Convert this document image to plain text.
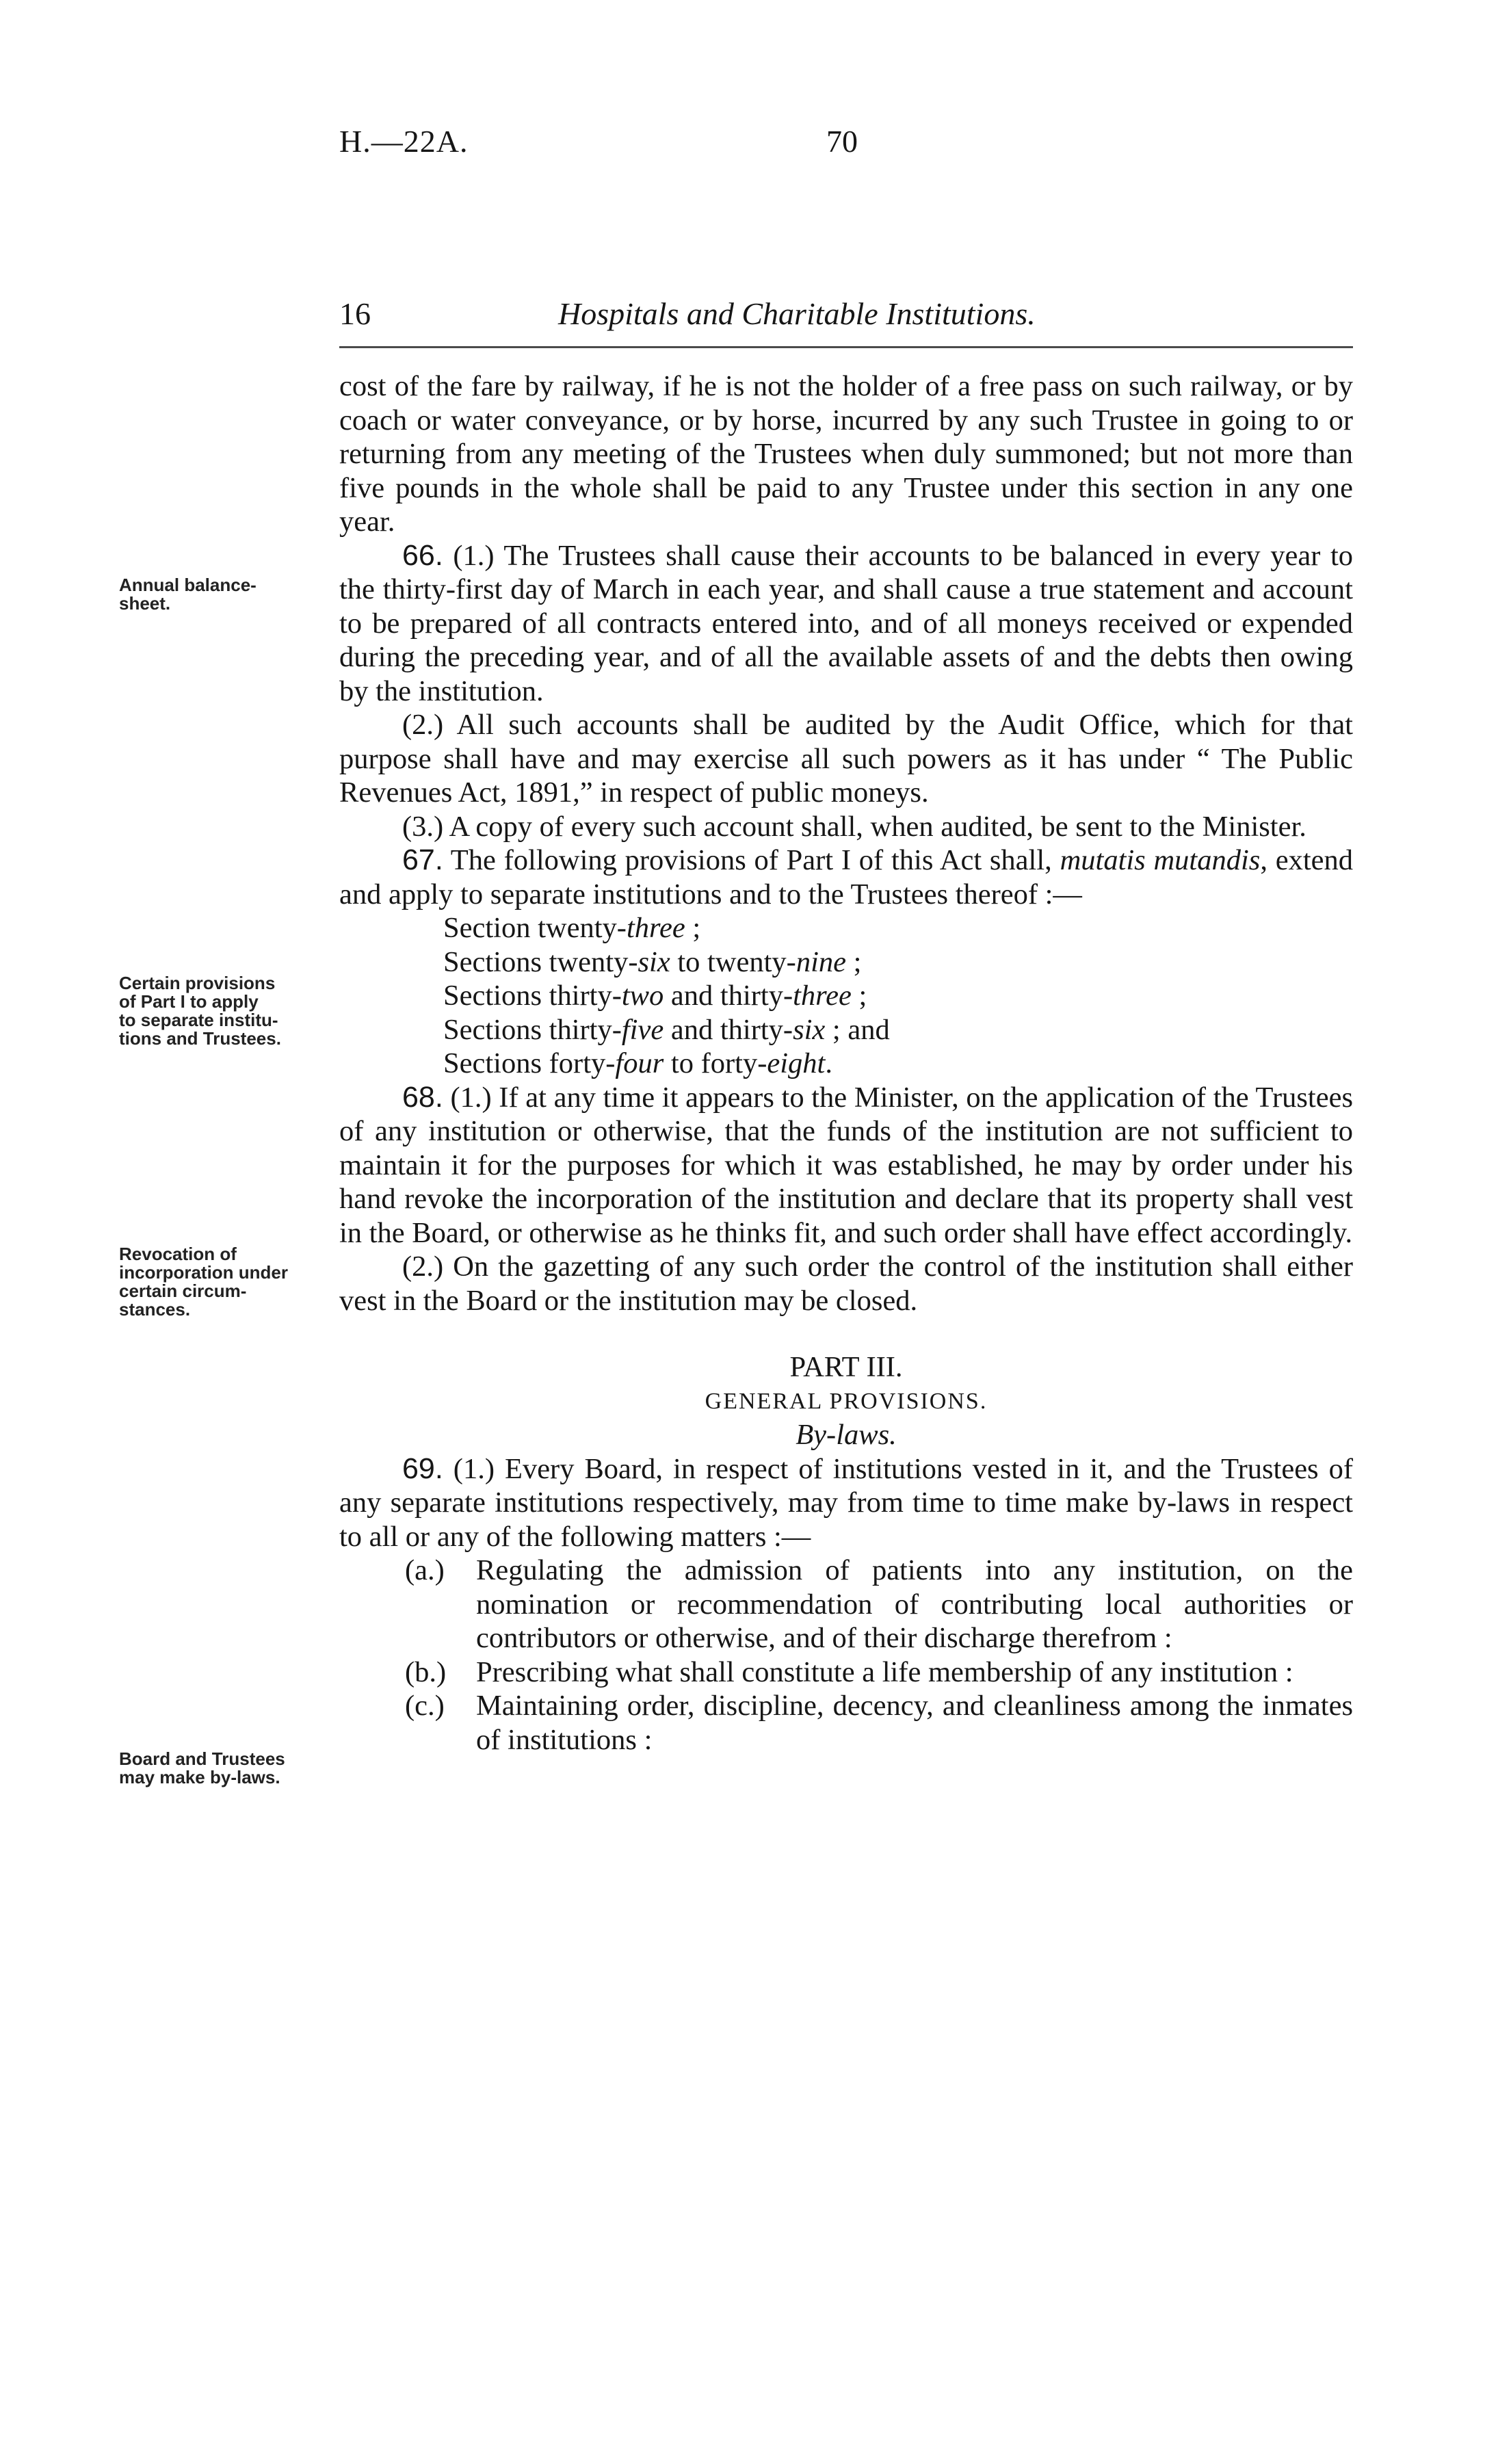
H.—22A.	70
16	Hospitals and Charitable Institutions.
Annual balance-
sheet.
Certain provisions
of Part I to apply
to separate institu-
tions and Trustees.
Revocation of
incorporation under
certain circum-
stances.
Board and Trustees
may make by-laws.

cost of the fare by railway, if he is not the holder of a free pass on such railway, or by coach or water conveyance, or by horse, incurred by any such Trustee in going to or returning from any meeting of the Trustees when duly summoned; but not more than five pounds in the whole shall be paid to any Trustee under this section in any one year.

66. (1.) The Trustees shall cause their accounts to be balanced in every year to the thirty-first day of March in each year, and shall cause a true statement and account to be prepared of all contracts entered into, and of all moneys received or expended during the preceding year, and of all the available assets of and the debts then owing by the institution.

(2.) All such accounts shall be audited by the Audit Office, which for that purpose shall have and may exercise all such powers as it has under “ The Public Revenues Act, 1891,” in respect of public moneys.

(3.) A copy of every such account shall, when audited, be sent to the Minister.

67. The following provisions of Part I of this Act shall, mutatis mutandis, extend and apply to separate institutions and to the Trustees thereof :—

Section twenty-three ;
Sections twenty-six to twenty-nine ;
Sections thirty-two and thirty-three ;
Sections thirty-five and thirty-six ; and
Sections forty-four to forty-eight.

68. (1.) If at any time it appears to the Minister, on the application of the Trustees of any institution or otherwise, that the funds of the institution are not sufficient to maintain it for the purposes for which it was established, he may by order under his hand revoke the incorporation of the institution and declare that its property shall vest in the Board, or otherwise as he thinks fit, and such order shall have effect accordingly.

(2.) On the gazetting of any such order the control of the institution shall either vest in the Board or the institution may be closed.

PART III.

GENERAL PROVISIONS.

By-laws.

69. (1.) Every Board, in respect of institutions vested in it, and the Trustees of any separate institutions respectively, may from time to time make by-laws in respect to all or any of the following matters :—

(a.) Regulating the admission of patients into any institution, on the nomination or recommendation of contributing local authorities or contributors or otherwise, and of their discharge therefrom :

(b.) Prescribing what shall constitute a life membership of any institution :

(c.) Maintaining order, discipline, decency, and cleanliness among the inmates of institutions :
